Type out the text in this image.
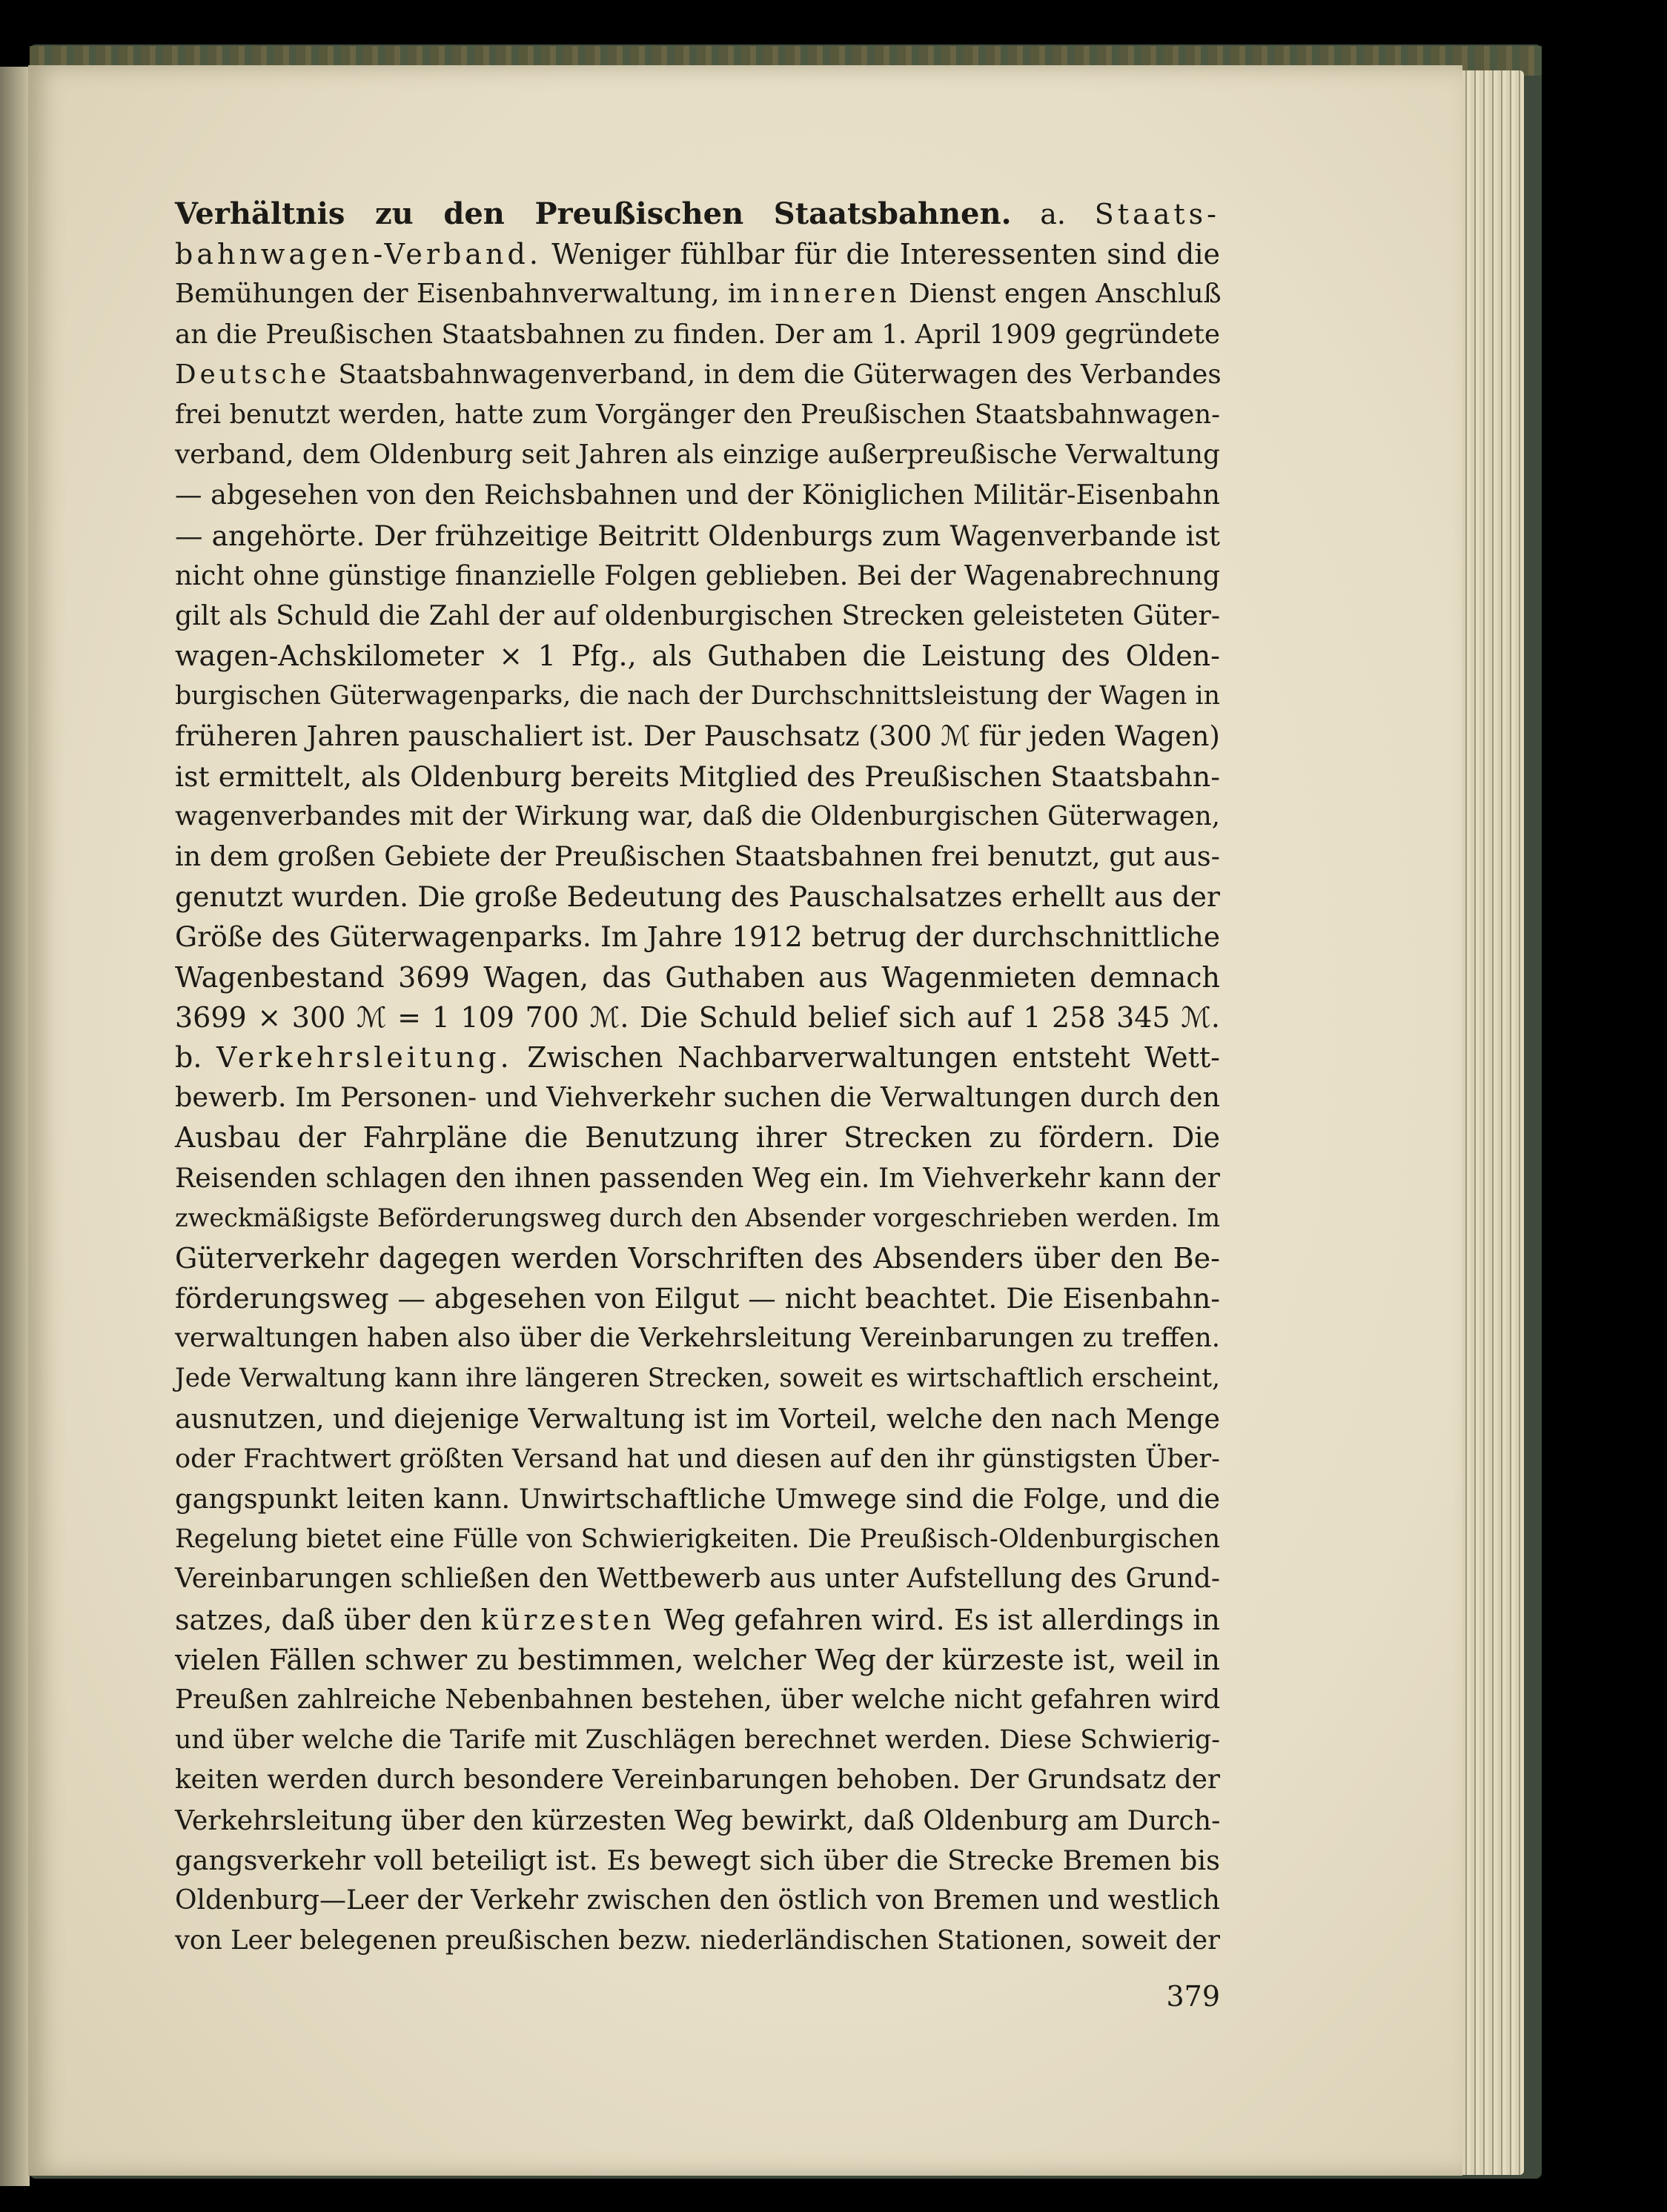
Verhältnis zu den Preußischen Staatsbahnen. a. Staats-
bahnwagen-Verband. Weniger fühlbar für die Interessenten sind die
Bemühungen der Eisenbahnverwaltung, im inneren Dienst engen Anschluß
an die Preußischen Staatsbahnen zu finden. Der am 1. April 1909 gegründete
Deutsche Staatsbahnwagenverband, in dem die Güterwagen des Verbandes
frei benutzt werden, hatte zum Vorgänger den Preußischen Staatsbahnwagen-
verband, dem Oldenburg seit Jahren als einzige außerpreußische Verwaltung
— abgesehen von den Reichsbahnen und der Königlichen Militär-Eisenbahn
— angehörte. Der frühzeitige Beitritt Oldenburgs zum Wagenverbande ist
nicht ohne günstige finanzielle Folgen geblieben. Bei der Wagenabrechnung
gilt als Schuld die Zahl der auf oldenburgischen Strecken geleisteten Güter-
wagen-Achskilometer × 1 Pfg., als Guthaben die Leistung des Olden-
burgischen Güterwagenparks, die nach der Durchschnittsleistung der Wagen in
früheren Jahren pauschaliert ist. Der Pauschsatz (300 ℳ für jeden Wagen)
ist ermittelt, als Oldenburg bereits Mitglied des Preußischen Staatsbahn-
wagenverbandes mit der Wirkung war, daß die Oldenburgischen Güterwagen,
in dem großen Gebiete der Preußischen Staatsbahnen frei benutzt, gut aus-
genutzt wurden. Die große Bedeutung des Pauschalsatzes erhellt aus der
Größe des Güterwagenparks. Im Jahre 1912 betrug der durchschnittliche
Wagenbestand 3699 Wagen, das Guthaben aus Wagenmieten demnach
3699 × 300 ℳ = 1 109 700 ℳ. Die Schuld belief sich auf 1 258 345 ℳ.
b. Verkehrsleitung. Zwischen Nachbarverwaltungen entsteht Wett-
bewerb. Im Personen- und Viehverkehr suchen die Verwaltungen durch den
Ausbau der Fahrpläne die Benutzung ihrer Strecken zu fördern. Die
Reisenden schlagen den ihnen passenden Weg ein. Im Viehverkehr kann der
zweckmäßigste Beförderungsweg durch den Absender vorgeschrieben werden. Im
Güterverkehr dagegen werden Vorschriften des Absenders über den Be-
förderungsweg — abgesehen von Eilgut — nicht beachtet. Die Eisenbahn-
verwaltungen haben also über die Verkehrsleitung Vereinbarungen zu treffen.
Jede Verwaltung kann ihre längeren Strecken, soweit es wirtschaftlich erscheint,
ausnutzen, und diejenige Verwaltung ist im Vorteil, welche den nach Menge
oder Frachtwert größten Versand hat und diesen auf den ihr günstigsten Über-
gangspunkt leiten kann. Unwirtschaftliche Umwege sind die Folge, und die
Regelung bietet eine Fülle von Schwierigkeiten. Die Preußisch-Oldenburgischen
Vereinbarungen schließen den Wettbewerb aus unter Aufstellung des Grund-
satzes, daß über den kürzesten Weg gefahren wird. Es ist allerdings in
vielen Fällen schwer zu bestimmen, welcher Weg der kürzeste ist, weil in
Preußen zahlreiche Nebenbahnen bestehen, über welche nicht gefahren wird
und über welche die Tarife mit Zuschlägen berechnet werden. Diese Schwierig-
keiten werden durch besondere Vereinbarungen behoben. Der Grundsatz der
Verkehrsleitung über den kürzesten Weg bewirkt, daß Oldenburg am Durch-
gangsverkehr voll beteiligt ist. Es bewegt sich über die Strecke Bremen bis
Oldenburg—Leer der Verkehr zwischen den östlich von Bremen und westlich
von Leer belegenen preußischen bezw. niederländischen Stationen, soweit der
379
